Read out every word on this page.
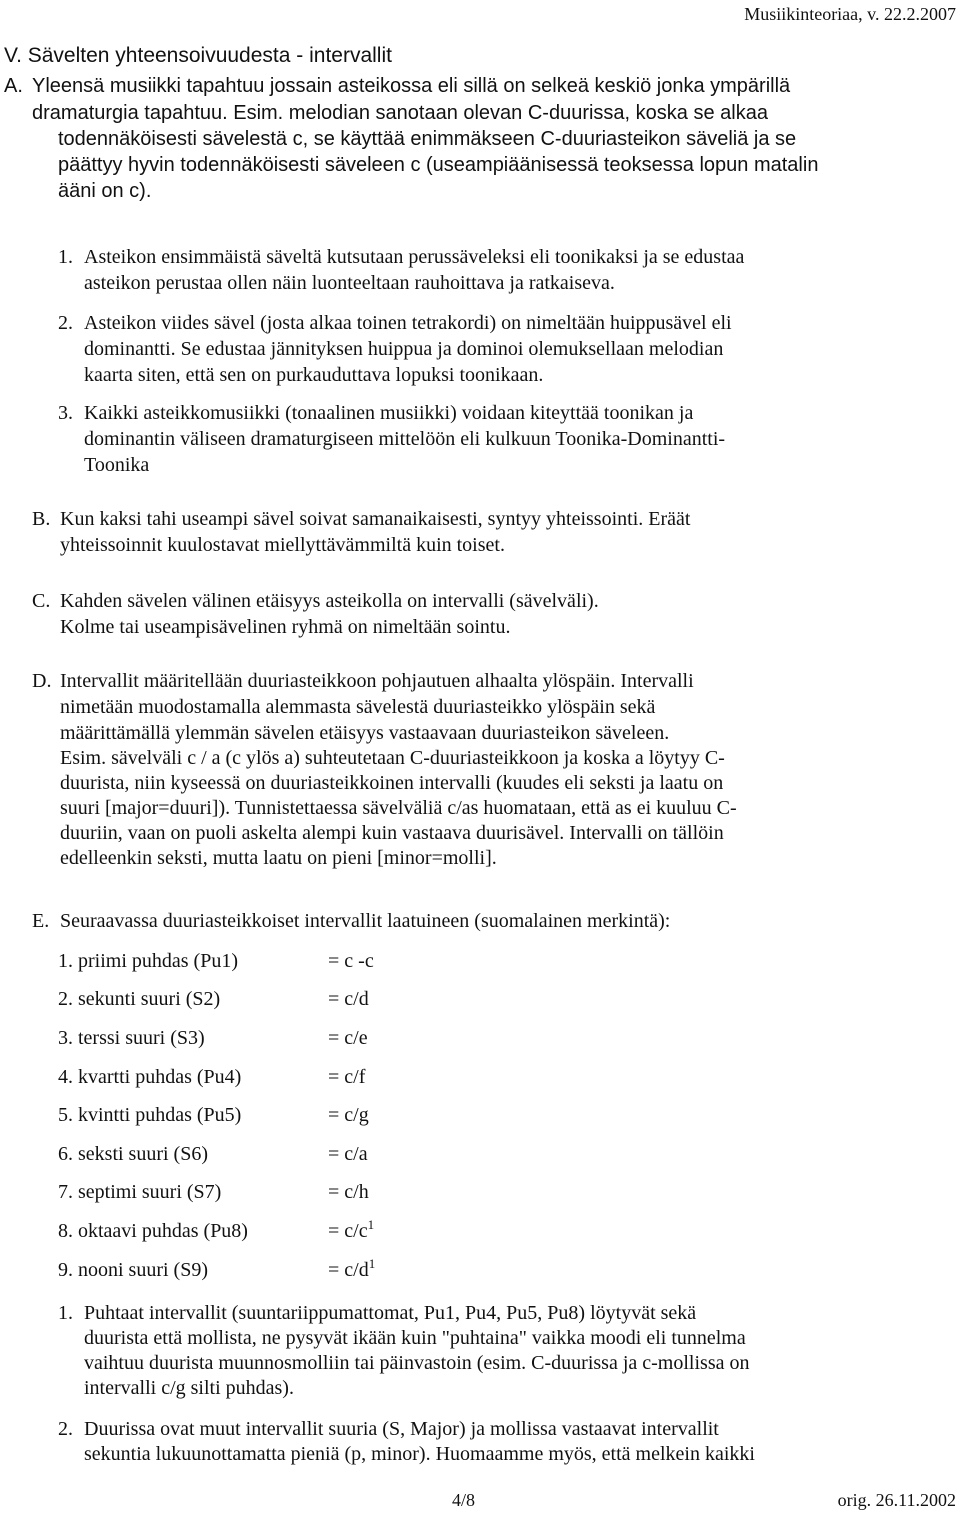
Musiikinteoriaa, v. 22.2.2007
V. Sävelten yhteensoivuudesta - intervallit
A. Yleensä musiikki tapahtuu jossain asteikossa eli sillä on selkeä keskiö jonka ympärillä
dramaturgia tapahtuu. Esim. melodian sanotaan olevan C-duurissa, koska se alkaa
todennäköisesti sävelestä c, se käyttää enimmäkseen C-duuriasteikon säveliä ja se
päättyy hyvin todennäköisesti säveleen c (useampiäänisessä teoksessa lopun matalin
ääni on c).
1. Asteikon ensimmäistä säveltä kutsutaan perussäveleksi eli toonikaksi ja se edustaa
asteikon perustaa ollen näin luonteeltaan rauhoittava ja ratkaiseva.
2. Asteikon viides sävel (josta alkaa toinen tetrakordi) on nimeltään huippusävel eli
dominantti. Se edustaa jännityksen huippua ja dominoi olemuksellaan melodian
kaarta siten, että sen on purkauduttava lopuksi toonikaan.
3. Kaikki asteikkomusiikki (tonaalinen musiikki) voidaan kiteyttää toonikan ja
dominantin väliseen dramaturgiseen mittelöön eli kulkuun Toonika-Dominantti-
Toonika
B. Kun kaksi tahi useampi sävel soivat samanaikaisesti, syntyy yhteissointi. Eräät
yhteissoinnit kuulostavat miellyttävämmiltä kuin toiset.
C. Kahden sävelen välinen etäisyys asteikolla on intervalli (sävelväli).
Kolme tai useampisävelinen ryhmä on nimeltään sointu.
D. Intervallit määritellään duuriasteikkoon pohjautuen alhaalta ylöspäin. Intervalli
nimetään muodostamalla alemmasta sävelestä duuriasteikko ylöspäin sekä
määrittämällä ylemmän sävelen etäisyys vastaavaan duuriasteikon säveleen.
Esim. sävelväli c / a (c ylös a) suhteutetaan C-duuriasteikkoon ja koska a löytyy C-
duurista, niin kyseessä on duuriasteikkoinen intervalli (kuudes eli seksti ja laatu on
suuri [major=duuri]). Tunnistettaessa sävelväliä c/as huomataan, että as ei kuuluu C-
duuriin, vaan on puoli askelta alempi kuin vastaava duurisävel. Intervalli on tällöin
edelleenkin seksti, mutta laatu on pieni [minor=molli].
E. Seuraavassa duuriasteikkoiset intervallit laatuineen (suomalainen merkintä):
1. priimi puhdas (Pu1)	= c -c
2. sekunti suuri (S2)	= c/d
3. terssi suuri (S3)	= c/e
4. kvartti puhdas (Pu4)	= c/f
5. kvintti puhdas (Pu5)	= c/g
6. seksti suuri (S6)	= c/a
7. septimi suuri (S7)	= c/h
8. oktaavi puhdas (Pu8)	= $c/c^1$
9. nooni suuri (S9)	= $c/d^1$
1. Puhtaat intervallit (suuntariippumattomat, Pu1, Pu4, Pu5, Pu8) löytyvät sekä
duurista että mollista, ne pysyvät ikään kuin "puhtaina" vaikka moodi eli tunnelma
vaihtuu duurista muunnosmolliin tai päinvastoin (esim. C-duurissa ja c-mollissa on
intervalli c/g silti puhdas).
2. Duurissa ovat muut intervallit suuria (S, Major) ja mollissa vastaavat intervallit
sekuntia lukuunottamatta pieniä (p, minor). Huomaamme myös, että melkein kaikki
4/8	orig. 26.11.2002
